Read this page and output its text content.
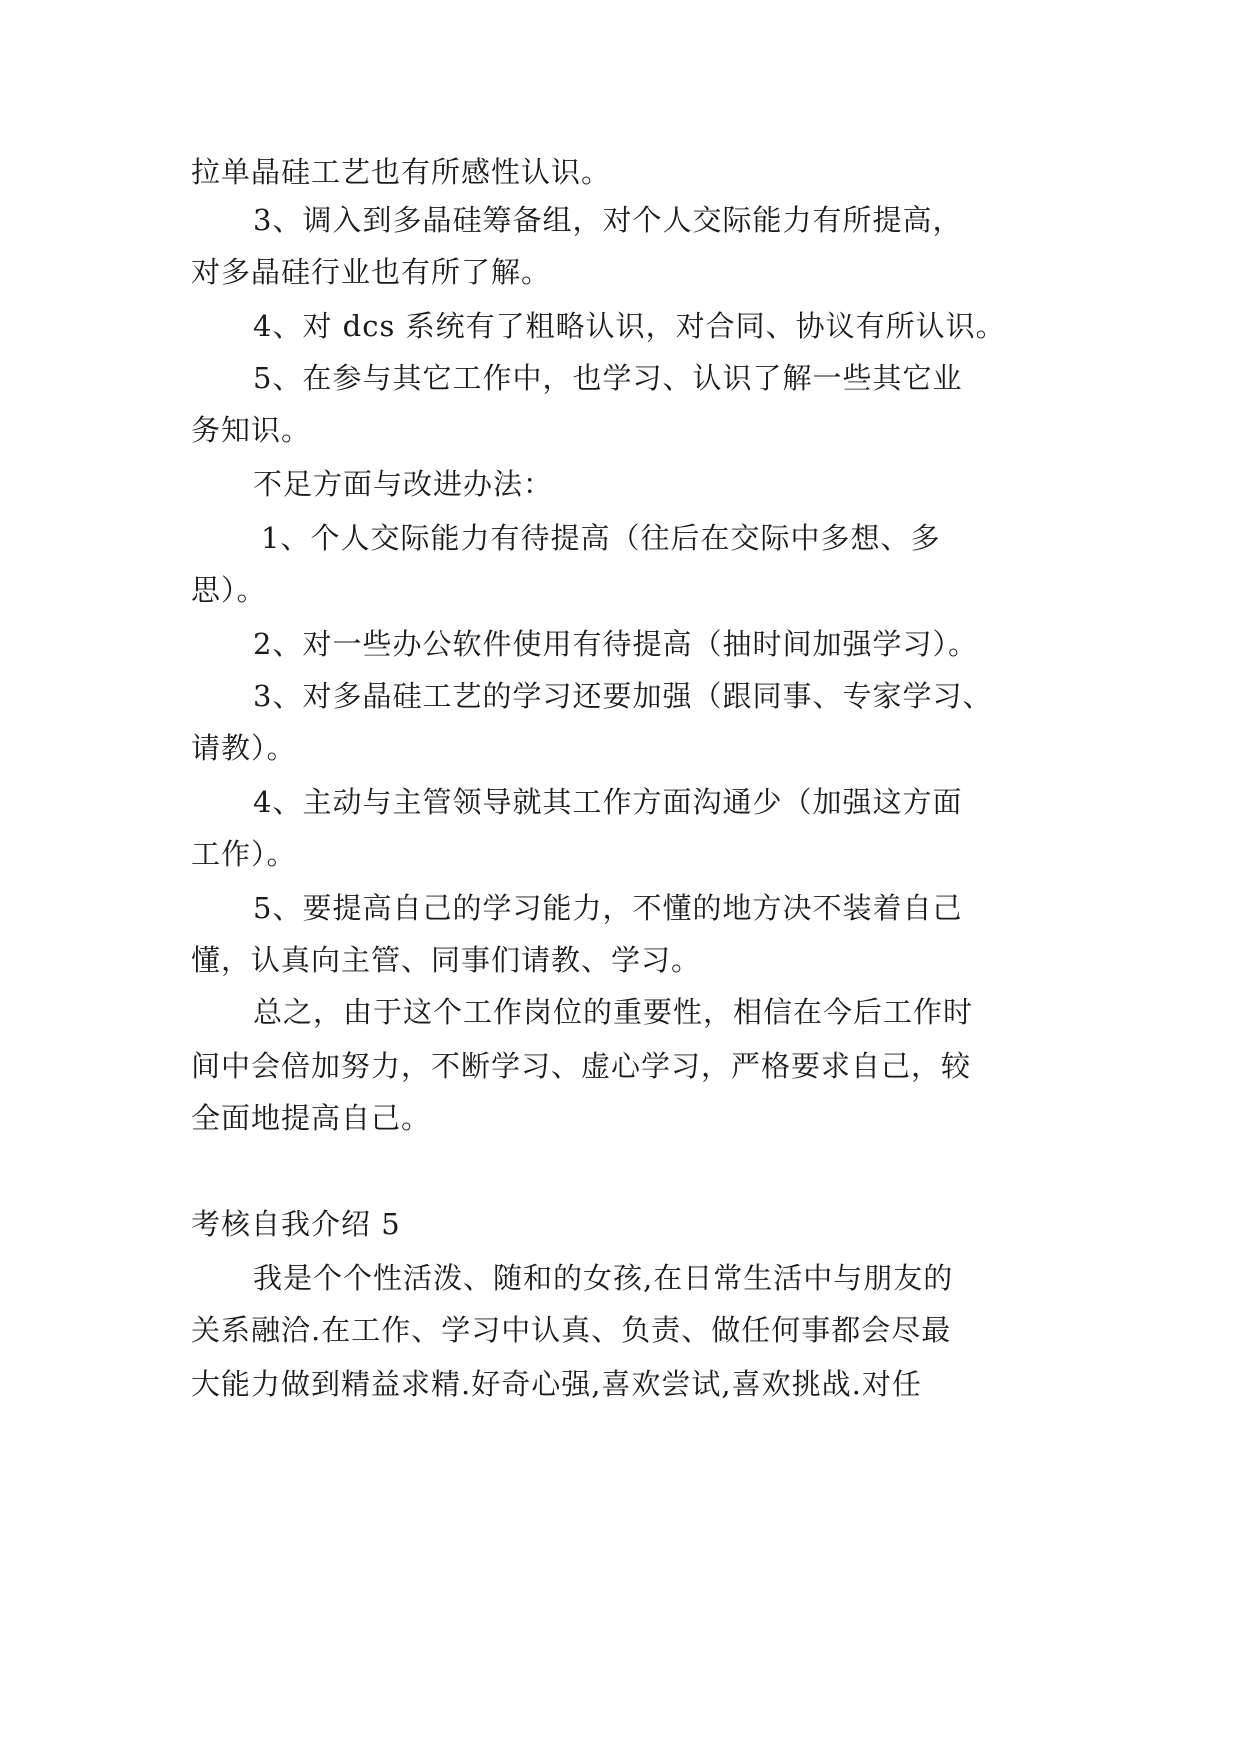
拉单晶硅工艺也有所感性认识。

3、调入到多晶硅筹备组，对个人交际能力有所提高，

对多晶硅行业也有所了解。

4、对 dcs 系统有了粗略认识，对合同、协议有所认识。

5、在参与其它工作中，也学习、认识了解一些其它业

务知识。

不足方面与改进办法：

1、个人交际能力有待提高（往后在交际中多想、多

思）。

2、对一些办公软件使用有待提高（抽时间加强学习）。

3、对多晶硅工艺的学习还要加强（跟同事、专家学习、

请教）。

4、主动与主管领导就其工作方面沟通少（加强这方面

工作）。

5、要提高自己的学习能力，不懂的地方决不装着自己

懂，认真向主管、同事们请教、学习。

总之，由于这个工作岗位的重要性，相信在今后工作时

间中会倍加努力，不断学习、虚心学习，严格要求自己，较

全面地提高自己。

考核自我介绍 5

我是个个性活泼、随和的女孩,在日常生活中与朋友的

关系融洽.在工作、学习中认真、负责、做任何事都会尽最

大能力做到精益求精.好奇心强,喜欢尝试,喜欢挑战.对任
